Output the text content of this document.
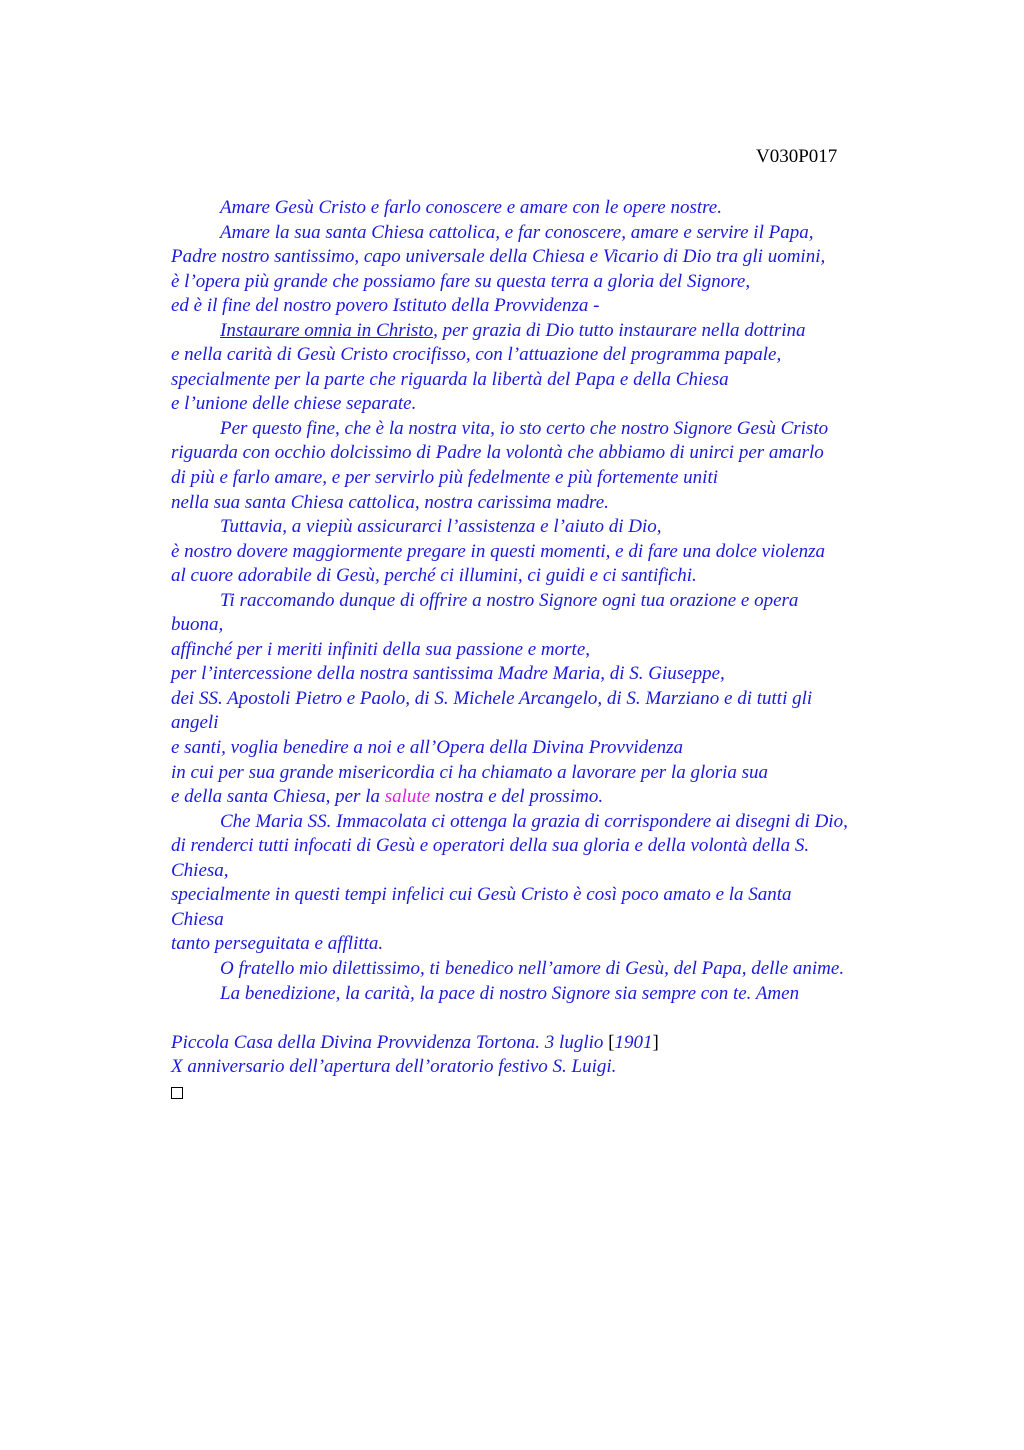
V030P017
Amare Gesù Cristo e farlo conoscere e amare con le opere nostre.
Amare la sua santa Chiesa cattolica, e far conoscere, amare e servire il Papa,
Padre nostro santissimo, capo universale della Chiesa e Vicario di Dio tra gli uomini,
è l’opera più grande che possiamo fare su questa terra a gloria del Signore,
ed è il fine del nostro povero Istituto della Provvidenza -
Instaurare omnia in Christo, per grazia di Dio tutto instaurare nella dottrina
e nella carità di Gesù Cristo crocifisso, con l’attuazione del programma papale,
specialmente per la parte che riguarda la libertà del Papa e della Chiesa
e l’unione delle chiese separate.
Per questo fine, che è la nostra vita, io sto certo che nostro Signore Gesù Cristo
riguarda con occhio dolcissimo di Padre la volontà che abbiamo di unirci per amarlo
di più e farlo amare, e per servirlo più fedelmente e più fortemente uniti
nella sua santa Chiesa cattolica, nostra carissima madre.
Tuttavia, a viepiù assicurarci l’assistenza e l’aiuto di Dio,
è nostro dovere maggiormente pregare in questi momenti, e di fare una dolce violenza
al cuore adorabile di Gesù, perché ci illumini, ci guidi e ci santifichi.
Ti raccomando dunque di offrire a nostro Signore ogni tua orazione e opera
buona,
affinché per i meriti infiniti della sua passione e morte,
per l’intercessione della nostra santissima Madre Maria, di S. Giuseppe,
dei SS. Apostoli Pietro e Paolo, di S. Michele Arcangelo, di S. Marziano e di tutti gli
angeli
e santi, voglia benedire a noi e all’Opera della Divina Provvidenza
in cui per sua grande misericordia ci ha chiamato a lavorare per la gloria sua
e della santa Chiesa, per la salute nostra e del prossimo.
Che Maria SS. Immacolata ci ottenga la grazia di corrispondere ai disegni di Dio,
di renderci tutti infocati di Gesù e operatori della sua gloria e della volontà della S.
Chiesa,
specialmente in questi tempi infelici cui Gesù Cristo è così poco amato e la Santa
Chiesa
tanto perseguitata e afflitta.
O fratello mio dilettissimo, ti benedico nell’amore di Gesù, del Papa, delle anime.
La benedizione, la carità, la pace di nostro Signore sia sempre con te. Amen
Piccola Casa della Divina Provvidenza Tortona. 3 luglio [1901]
X anniversario dell’apertura dell’oratorio festivo S. Luigi.
